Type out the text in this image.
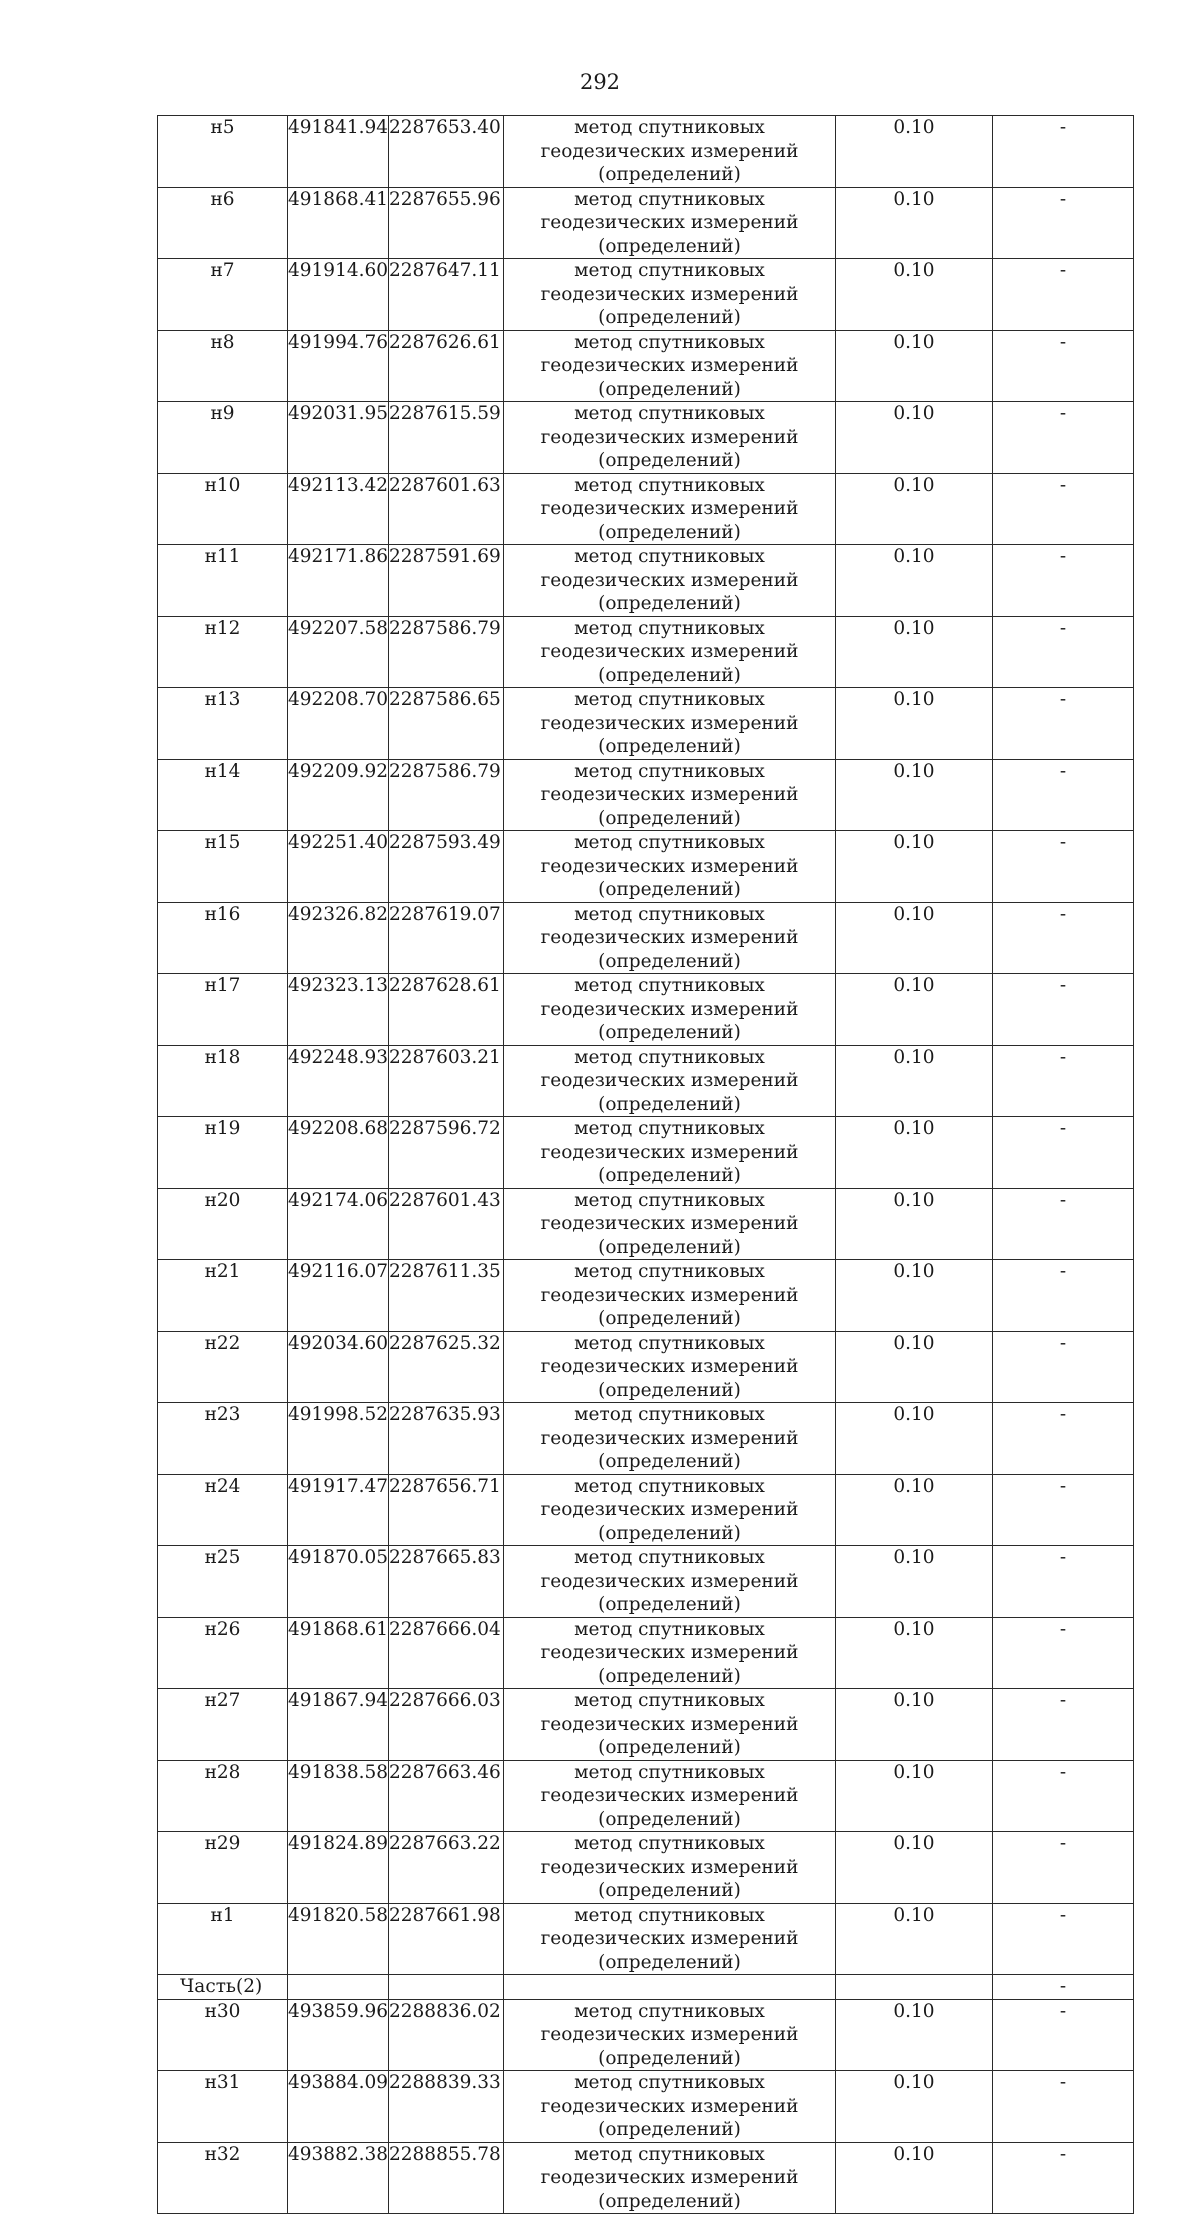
292
н5	491841.94	2287653.40	метод спутниковых геодезических измерений (определений)	0.10	-
н6	491868.41	2287655.96	метод спутниковых геодезических измерений (определений)	0.10	-
н7	491914.60	2287647.11	метод спутниковых геодезических измерений (определений)	0.10	-
н8	491994.76	2287626.61	метод спутниковых геодезических измерений (определений)	0.10	-
н9	492031.95	2287615.59	метод спутниковых геодезических измерений (определений)	0.10	-
н10	492113.42	2287601.63	метод спутниковых геодезических измерений (определений)	0.10	-
н11	492171.86	2287591.69	метод спутниковых геодезических измерений (определений)	0.10	-
н12	492207.58	2287586.79	метод спутниковых геодезических измерений (определений)	0.10	-
н13	492208.70	2287586.65	метод спутниковых геодезических измерений (определений)	0.10	-
н14	492209.92	2287586.79	метод спутниковых геодезических измерений (определений)	0.10	-
н15	492251.40	2287593.49	метод спутниковых геодезических измерений (определений)	0.10	-
н16	492326.82	2287619.07	метод спутниковых геодезических измерений (определений)	0.10	-
н17	492323.13	2287628.61	метод спутниковых геодезических измерений (определений)	0.10	-
н18	492248.93	2287603.21	метод спутниковых геодезических измерений (определений)	0.10	-
н19	492208.68	2287596.72	метод спутниковых геодезических измерений (определений)	0.10	-
н20	492174.06	2287601.43	метод спутниковых геодезических измерений (определений)	0.10	-
н21	492116.07	2287611.35	метод спутниковых геодезических измерений (определений)	0.10	-
н22	492034.60	2287625.32	метод спутниковых геодезических измерений (определений)	0.10	-
н23	491998.52	2287635.93	метод спутниковых геодезических измерений (определений)	0.10	-
н24	491917.47	2287656.71	метод спутниковых геодезических измерений (определений)	0.10	-
н25	491870.05	2287665.83	метод спутниковых геодезических измерений (определений)	0.10	-
н26	491868.61	2287666.04	метод спутниковых геодезических измерений (определений)	0.10	-
н27	491867.94	2287666.03	метод спутниковых геодезических измерений (определений)	0.10	-
н28	491838.58	2287663.46	метод спутниковых геодезических измерений (определений)	0.10	-
н29	491824.89	2287663.22	метод спутниковых геодезических измерений (определений)	0.10	-
н1	491820.58	2287661.98	метод спутниковых геодезических измерений (определений)	0.10	-
Часть(2)					-
н30	493859.96	2288836.02	метод спутниковых геодезических измерений (определений)	0.10	-
н31	493884.09	2288839.33	метод спутниковых геодезических измерений (определений)	0.10	-
н32	493882.38	2288855.78	метод спутниковых геодезических измерений (определений)	0.10	-
